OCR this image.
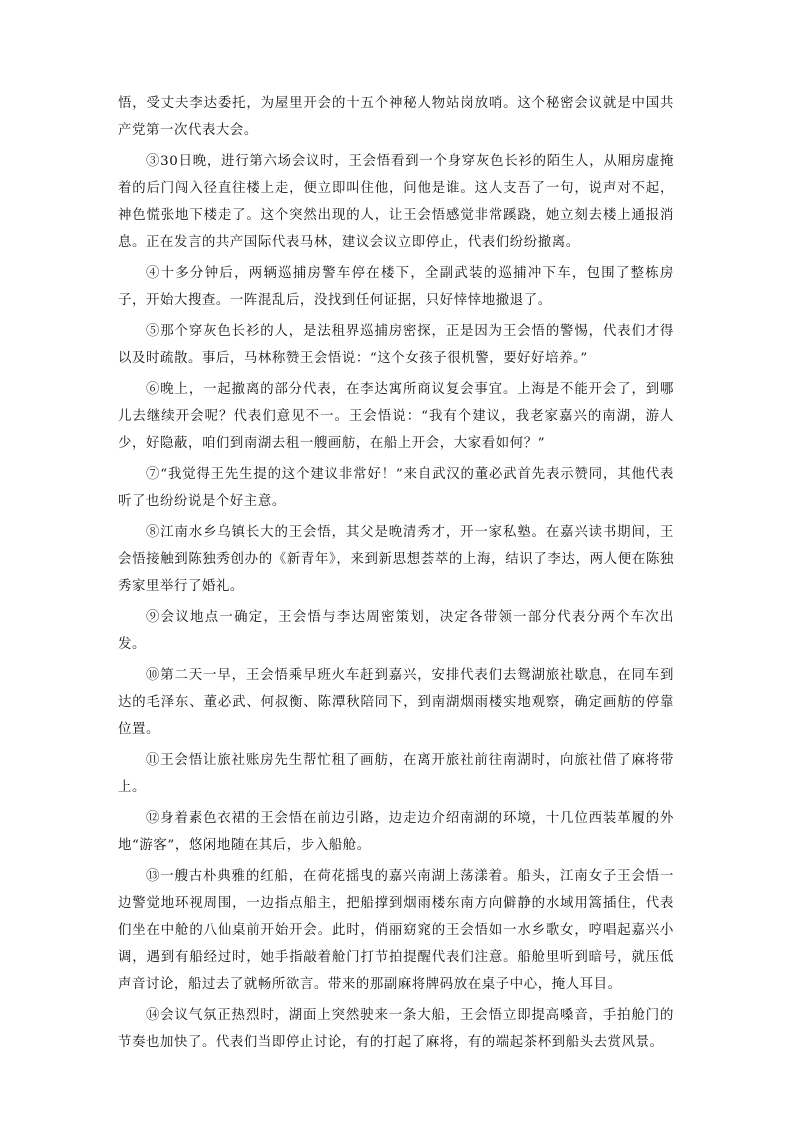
悟，受丈夫李达委托，为屋里开会的十五个神秘人物站岗放哨。这个秘密会议就是中国共产党第一次代表大会。

③30日晚，进行第六场会议时，王会悟看到一个身穿灰色长衫的陌生人，从厢房虚掩着的后门闯入径直往楼上走，便立即叫住他，问他是谁。这人支吾了一句，说声对不起，神色慌张地下楼走了。这个突然出现的人，让王会悟感觉非常蹊跷，她立刻去楼上通报消息。正在发言的共产国际代表马林，建议会议立即停止，代表们纷纷撤离。

④十多分钟后，两辆巡捕房警车停在楼下，全副武装的巡捕冲下车，包围了整栋房子，开始大搜查。一阵混乱后，没找到任何证据，只好悻悻地撤退了。

⑤那个穿灰色长衫的人，是法租界巡捕房密探，正是因为王会悟的警惕，代表们才得以及时疏散。事后，马林称赞王会悟说：“这个女孩子很机警，要好好培养。”

⑥晚上，一起撤离的部分代表，在李达寓所商议复会事宜。上海是不能开会了，到哪儿去继续开会呢？代表们意见不一。王会悟说：“我有个建议，我老家嘉兴的南湖，游人少，好隐蔽，咱们到南湖去租一艘画舫，在船上开会，大家看如何？”

⑦“我觉得王先生提的这个建议非常好！”来自武汉的董必武首先表示赞同，其他代表听了也纷纷说是个好主意。

⑧江南水乡乌镇长大的王会悟，其父是晚清秀才，开一家私塾。在嘉兴读书期间，王会悟接触到陈独秀创办的《新青年》，来到新思想荟萃的上海，结识了李达，两人便在陈独秀家里举行了婚礼。

⑨会议地点一确定，王会悟与李达周密策划，决定各带领一部分代表分两个车次出发。

⑩第二天一早，王会悟乘早班火车赶到嘉兴，安排代表们去鸳湖旅社歇息，在同车到达的毛泽东、董必武、何叔衡、陈潭秋陪同下，到南湖烟雨楼实地观察，确定画舫的停靠位置。

⑪王会悟让旅社账房先生帮忙租了画舫，在离开旅社前往南湖时，向旅社借了麻将带上。

⑫身着素色衣裙的王会悟在前边引路，边走边介绍南湖的环境，十几位西装革履的外地“游客”，悠闲地随在其后，步入船舱。

⑬一艘古朴典雅的红船，在荷花摇曳的嘉兴南湖上荡漾着。船头，江南女子王会悟一边警觉地环视周围，一边指点船主，把船撑到烟雨楼东南方向僻静的水域用篙插住，代表们坐在中舱的八仙桌前开始开会。此时，俏丽窈窕的王会悟如一水乡歌女，哼唱起嘉兴小调，遇到有船经过时，她手指敲着舱门打节拍提醒代表们注意。船舱里听到暗号，就压低声音讨论，船过去了就畅所欲言。带来的那副麻将牌码放在桌子中心，掩人耳目。

⑭会议气氛正热烈时，湖面上突然驶来一条大船，王会悟立即提高嗓音，手拍舱门的节奏也加快了。代表们当即停止讨论，有的打起了麻将，有的端起茶杯到船头去赏风景。
